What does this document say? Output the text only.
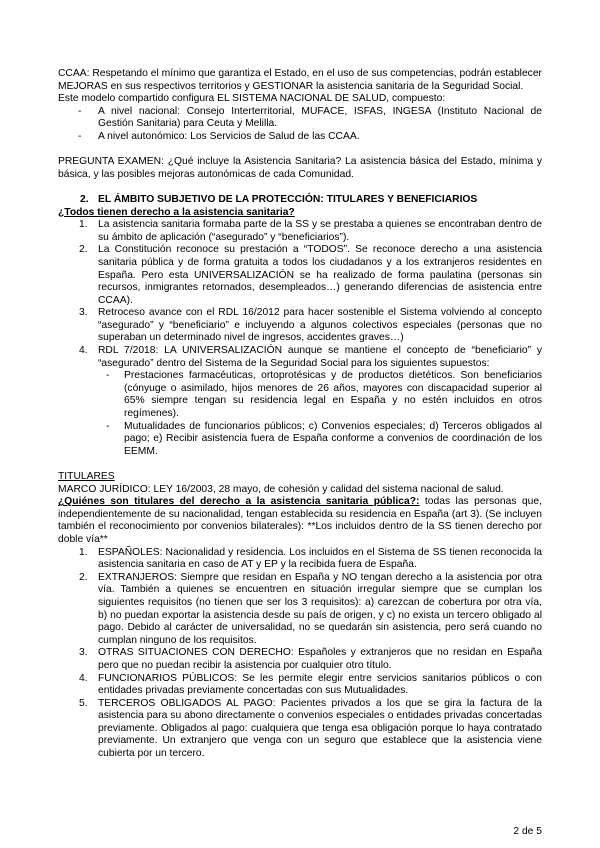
CCAA: Respetando el mínimo que garantiza el Estado, en el uso de sus competencias, podrán establecer MEJORAS en sus respectivos territorios y GESTIONAR la asistencia sanitaria de la Seguridad Social.

Este modelo compartido configura EL SISTEMA NACIONAL DE SALUD, compuesto:

- A nivel nacional: Consejo Interterritorial, MUFACE, ISFAS, INGESA (Instituto Nacional de Gestión Sanitaria) para Ceuta y Melilla.
- A nivel autonómico: Los Servicios de Salud de las CCAA.

PREGUNTA EXAMEN: ¿Qué incluye la Asistencia Sanitaria? La asistencia básica del Estado, mínima y básica, y las posibles mejoras autonómicas de cada Comunidad.

2. EL ÁMBITO SUBJETIVO DE LA PROTECCIÓN: TITULARES Y BENEFICIARIOS

¿Todos tienen derecho a la asistencia sanitaria?

1. La asistencia sanitaria formaba parte de la SS y se prestaba a quienes se encontraban dentro de su ámbito de aplicación (“asegurado” y “beneficiarios”).
2. La Constitución reconoce su prestación a “TODOS”. Se reconoce derecho a una asistencia sanitaria pública y de forma gratuita a todos los ciudadanos y a los extranjeros residentes en España. Pero esta UNIVERSALIZACIÓN se ha realizado de forma paulatina (personas sin recursos, inmigrantes retornados, desempleados…) generando diferencias de asistencia entre CCAA).
3. Retroceso avance con el RDL 16/2012 para hacer sostenible el Sistema volviendo al concepto “asegurado” y “beneficiario” e incluyendo a algunos colectivos especiales (personas que no superaban un determinado nivel de ingresos, accidentes graves…)
4. RDL 7/2018: LA UNIVERSALIZACIÓN aunque se mantiene el concepto de “beneficiario” y “asegurado” dentro del Sistema de la Seguridad Social para los siguientes supuestos:
- Prestaciones farmacéuticas, ortoprotésicas y de productos dietéticos. Son beneficiarios (cónyuge o asimilado, hijos menores de 26 años, mayores con discapacidad superior al 65% siempre tengan su residencia legal en España y no estén incluidos en otros regímenes).
- Mutualidades de funcionarios públicos; c) Convenios especiales; d) Terceros obligados al pago; e) Recibir asistencia fuera de España conforme a convenios de coordinación de los EEMM.

TITULARES

MARCO JURÍDICO: LEY 16/2003, 28 mayo, de cohesión y calidad del sistema nacional de salud.

¿Quiénes son titulares del derecho a la asistencia sanitaria pública?: todas las personas que, independientemente de su nacionalidad, tengan establecida su residencia en España (art 3). (Se incluyen también el reconocimiento por convenios bilaterales): **Los incluidos dentro de la SS tienen derecho por doble vía**

1. ESPAÑOLES: Nacionalidad y residencia. Los incluidos en el Sistema de SS tienen reconocida la asistencia sanitaria en caso de AT y EP y la recibida fuera de España.
2. EXTRANJEROS: Siempre que residan en España y NO tengan derecho a la asistencia por otra vía. También a quienes se encuentren en situación irregular siempre que se cumplan los siguientes requisitos (no tienen que ser los 3 requisitos): a) carezcan de cobertura por otra vía, b) no puedan exportar la asistencia desde su país de origen, y c) no exista un tercero obligado al pago. Debido al carácter de universalidad, no se quedarán sin asistencia, pero será cuando no cumplan ninguno de los requisitos.
3. OTRAS SITUACIONES CON DERECHO: Españoles y extranjeros que no residan en España pero que no puedan recibir la asistencia por cualquier otro título.
4. FUNCIONARIOS PÚBLICOS: Se les permite elegir entre servicios sanitarios públicos o con entidades privadas previamente concertadas con sus Mutualidades.
5. TERCEROS OBLIGADOS AL PAGO: Pacientes privados a los que se gira la factura de la asistencia para su abono directamente o convenios especiales o entidades privadas concertadas previamente. Obligados al pago: cualquiera que tenga esa obligación porque lo haya contratado previamente. Un extranjero que venga con un seguro que establece que la asistencia viene cubierta por un tercero.
2 de 5
